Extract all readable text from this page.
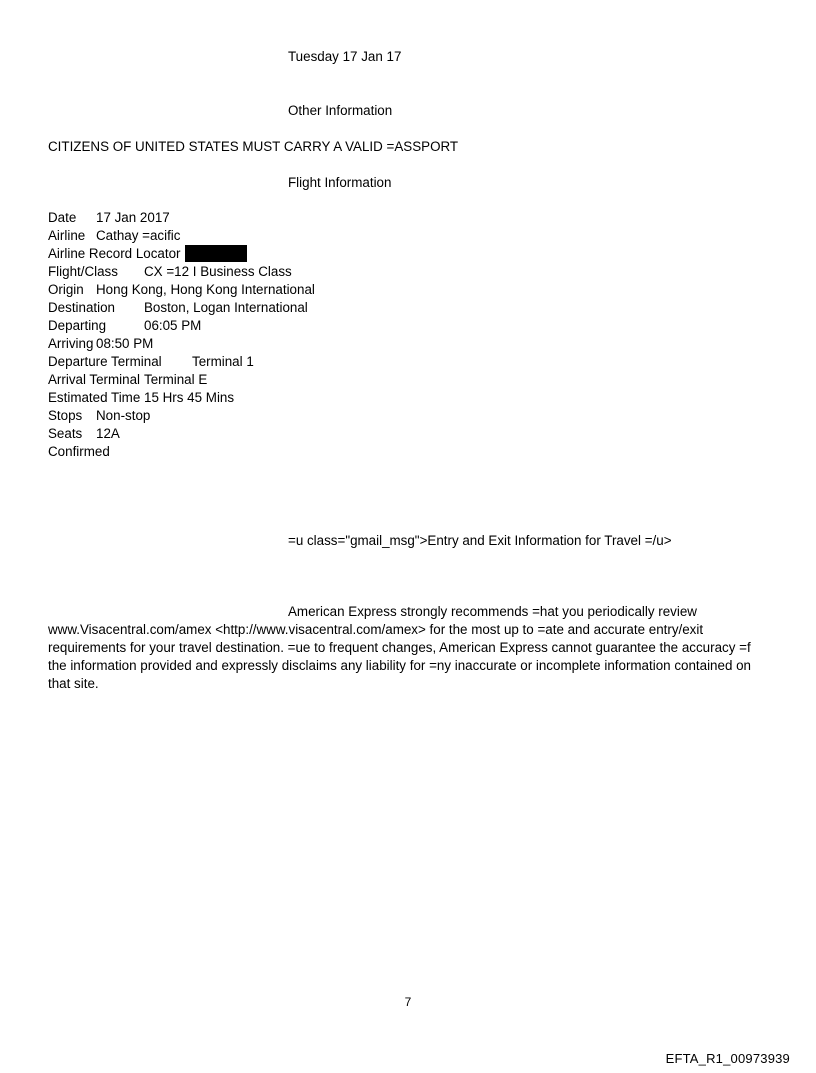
Tuesday 17 Jan 17
Other Information
CITIZENS OF UNITED STATES MUST CARRY A VALID =ASSPORT
Flight Information
Date 17 Jan 2017
Airline Cathay =acific
Airline Record Locator
Flight/Class CX =12 I Business Class
Origin Hong Kong, Hong Kong International
Destination Boston, Logan International
Departing	06:05 PM
Arriving 08:50 PM
Departure Terminal Terminal 1
Arrival Terminal Terminal E
Estimated Time 15 Hrs 45 Mins
Stops Non-stop
Seats 12A
Confirmed
=u class="gmail_msg">Entry and Exit Information for Travel =/u>
American Express strongly recommends =hat you periodically review www.Visacentral.com/amex <http://www.visacentral.com/amex> for the most up to =ate and accurate entry/exit requirements for your travel destination. =ue to frequent changes, American Express cannot guarantee the accuracy =f the information provided and expressly disclaims any liability for =ny inaccurate or incomplete information contained on that site.
7
EFTA_R1_00973939
